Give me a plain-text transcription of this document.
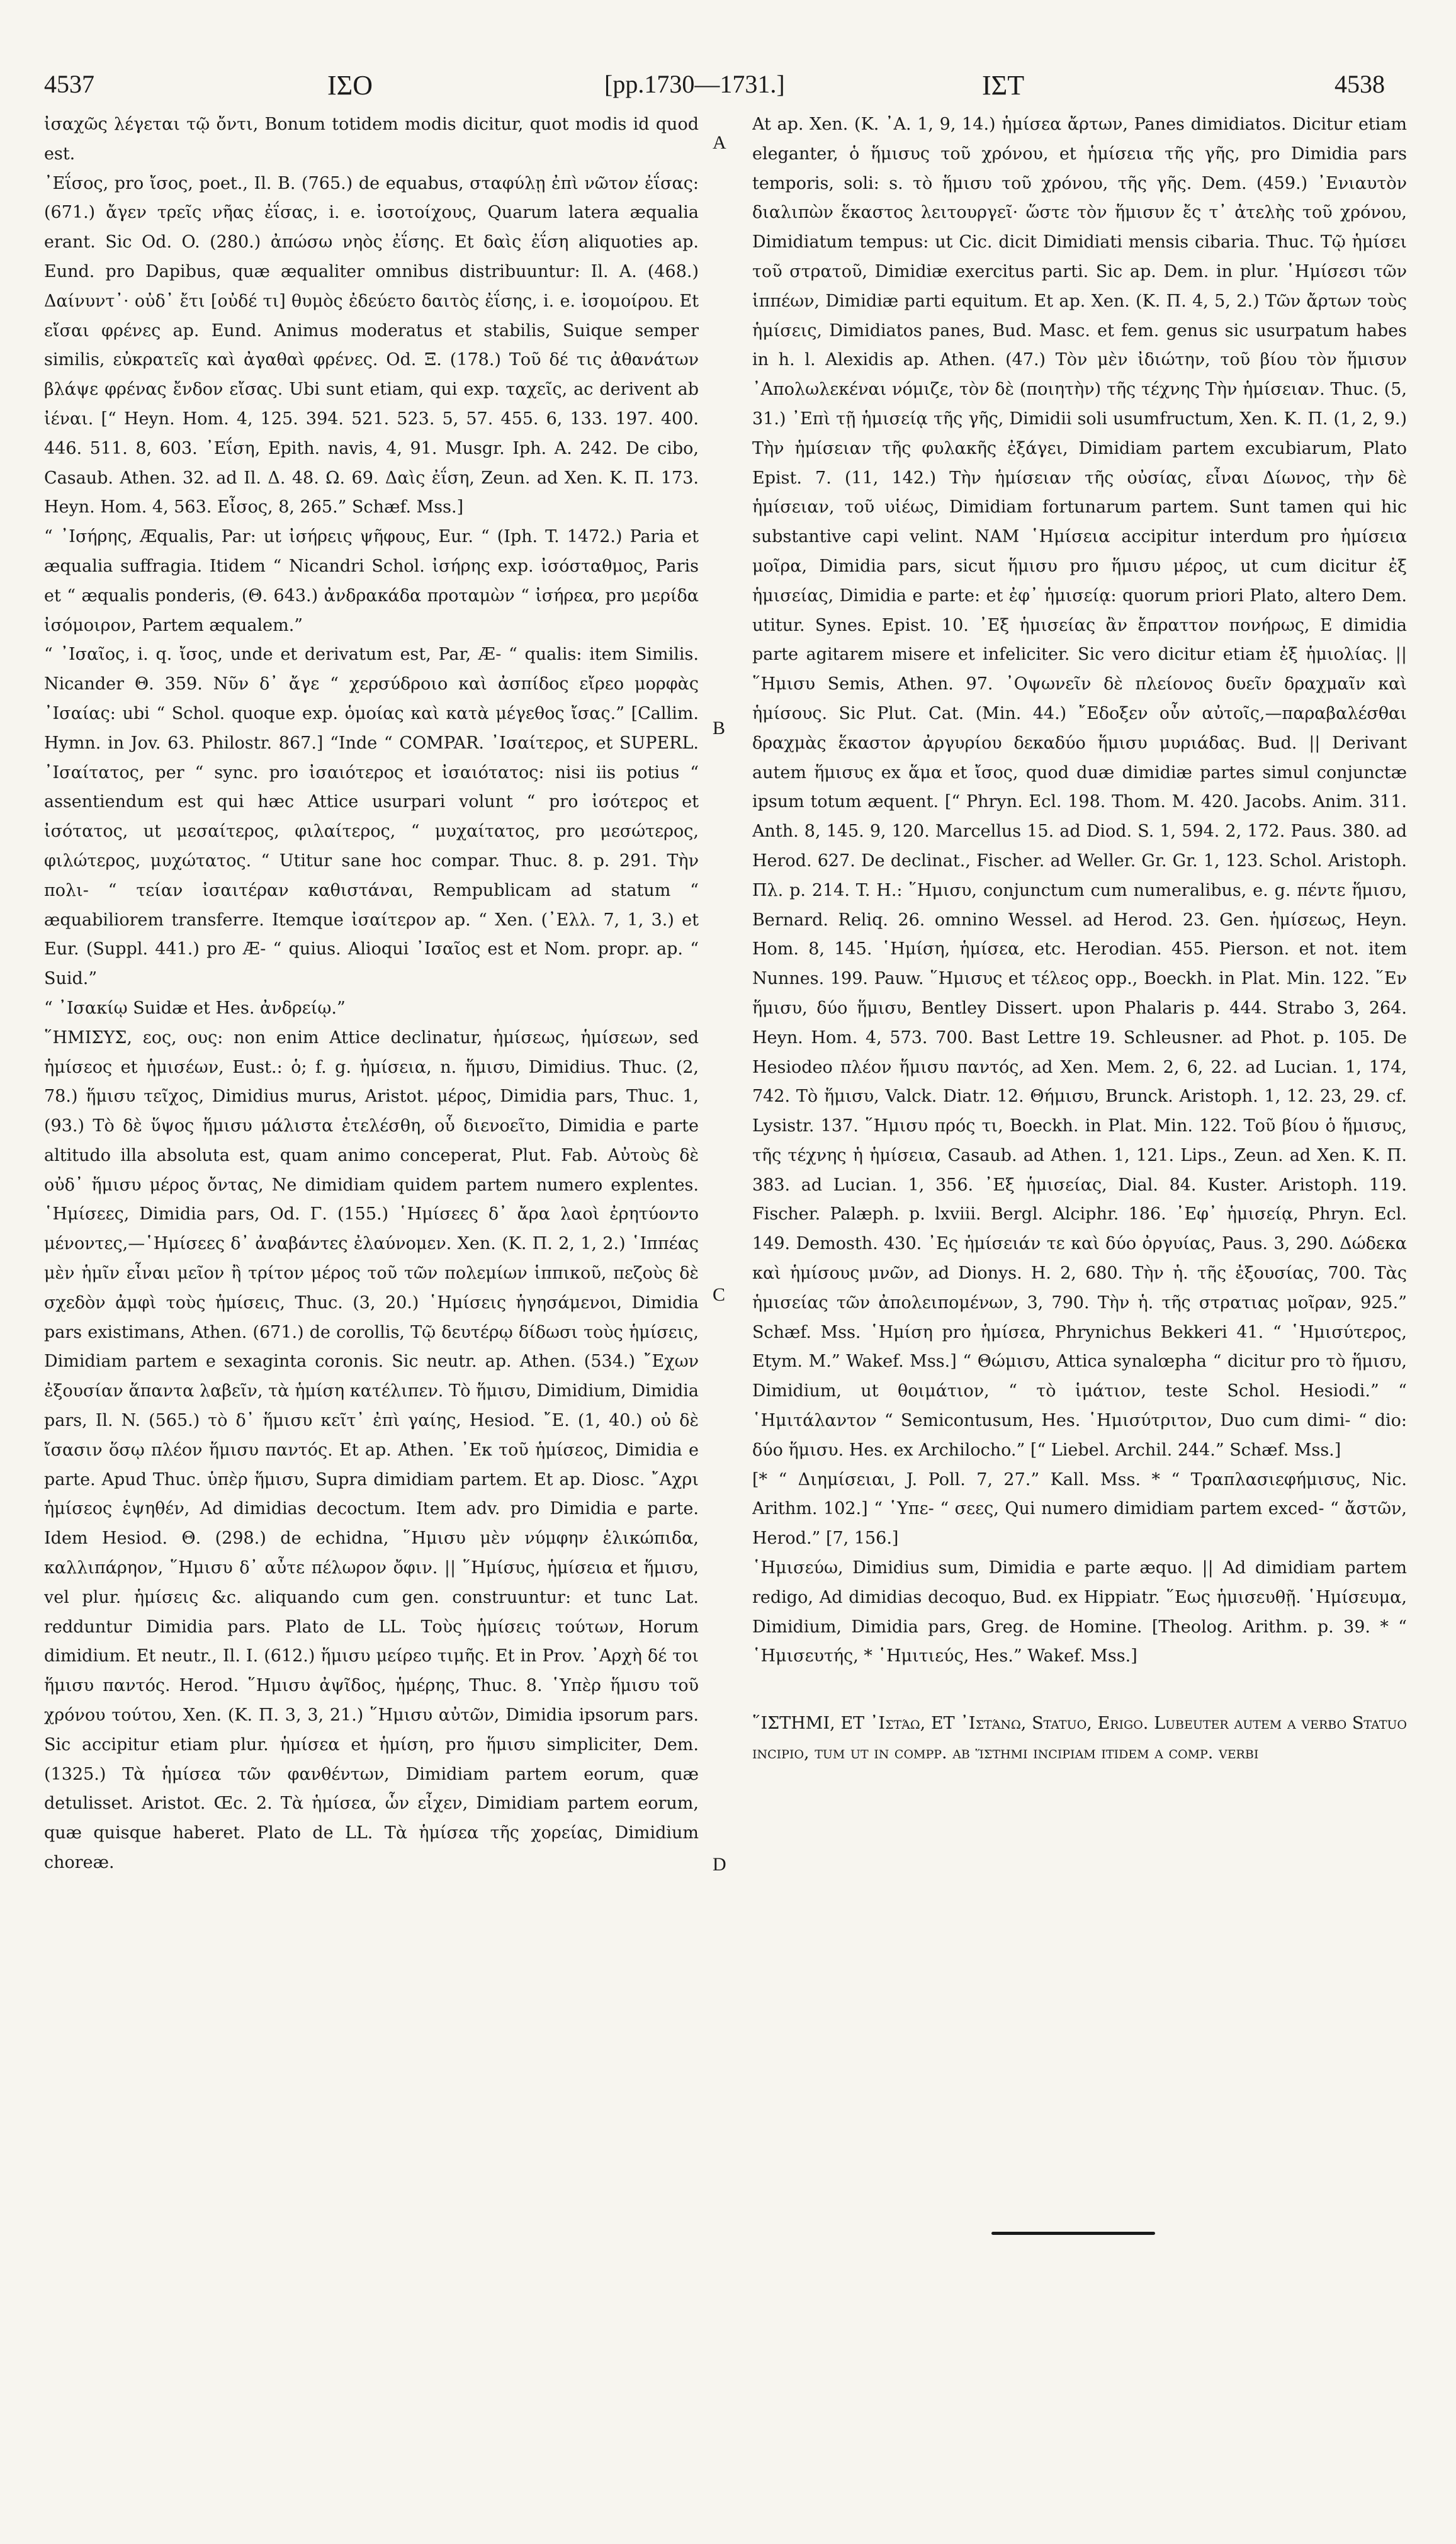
4537	ΙΣΟ	[pp.1730—1731.]	ΙΣΤ	4538

ἰσαχῶς λέγεται τῷ ὄντι, Bonum totidem modis dicitur, quot modis id quod est.

᾿Εΐσος, pro ἴσος, poet., Il. B. (765.) de equabus, σταφύλῃ ἐπὶ νῶτον ἐΐσας: (671.) ἄγεν τρεῖς νῆας ἐΐσας, i. e. ἰσοτοίχους, Quarum latera æqualia erant. Sic Od. O. (280.) ἀπώσω νηὸς ἐΐσης. Et δαὶς ἐΐση aliquoties ap. Eund. pro Dapibus, quæ æqualiter omnibus distribuuntur: Il. A. (468.) Δαίνυντ᾽· οὐδ᾽ ἔτι [οὐδέ τι] θυμὸς ἐδεύετο δαιτὸς ἐΐσης, i. e. ἰσομοίρου. Et εἴσαι φρένες ap. Eund. Animus moderatus et stabilis, Suique semper similis, εὐκρατεῖς καὶ ἀγαθαὶ φρένες. Od. Ξ. (178.) Τοῦ δέ τις ἀθανάτων βλάψε φρένας ἔνδον εἴσας. Ubi sunt etiam, qui exp. ταχεῖς, ac derivent ab ἰέναι. [“ Heyn. Hom. 4, 125. 394. 521. 523. 5, 57. 455. 6, 133. 197. 400. 446. 511. 8, 603. ᾿Εΐση, Epith. navis, 4, 91. Musgr. Iph. A. 242. De cibo, Casaub. Athen. 32. ad Il. Δ. 48. Ω. 69. Δαὶς ἐΐση, Zeun. ad Xen. K. Π. 173. Heyn. Hom. 4, 563. Εἶσος, 8, 265.” Schæf. Mss.]

“ ᾿Ισήρης, Æqualis, Par: ut ἰσήρεις ψῆφους, Eur. “ (Iph. T. 1472.) Paria et æqualia suffragia. Itidem “ Nicandri Schol. ἰσήρης exp. ἰσόσταθμος, Paris et “ æqualis ponderis, (Θ. 643.) ἀνδρακάδα προταμὼν “ ἰσήρεα, pro μερίδα ἰσόμοιρον, Partem æqualem.”

“ ᾿Ισαῖος, i. q. ἴσος, unde et derivatum est, Par, Æ- “ qualis: item Similis. Nicander Θ. 359. Νῦν δ᾽ ἄγε “ χερσύδροιο καὶ ἀσπίδος εἴρεο μορφὰς ᾿Ισαίας: ubi “ Schol. quoque exp. ὁμοίας καὶ κατὰ μέγεθος ἴσας.” [Callim. Hymn. in Jov. 63. Philostr. 867.] “Inde “ COMPAR. ᾿Ισαίτερος, et SUPERL. ᾿Ισαίτατος, per “ sync. pro ἰσαιότερος et ἰσαιότατος: nisi iis potius “ assentiendum est qui hæc Attice usurpari volunt “ pro ἰσότερος et ἰσότατος, ut μεσαίτερος, φιλαίτερος, “ μυχαίτατος, pro μεσώτερος, φιλώτερος, μυχώτατος. “ Utitur sane hoc compar. Thuc. 8. p. 291. Τὴν πολι- “ τείαν ἰσαιτέραν καθιστάναι, Rempublicam ad statum “ æquabiliorem transferre. Itemque ἰσαίτερον ap. “ Xen. (᾿Ελλ. 7, 1, 3.) et Eur. (Suppl. 441.) pro Æ- “ quius. Alioqui ᾿Ισαῖος est et Nom. propr. ap. “ Suid.”

“ ᾿Ισακίῳ Suidæ et Hes. ἀνδρείῳ.”

῞ΗΜΙΣΥΣ, εος, ους: non enim Attice declinatur, ἡμίσεως, ἡμίσεων, sed ἡμίσεος et ἡμισέων, Eust.: ὁ; f. g. ἡμίσεια, n. ἥμισυ, Dimidius. Thuc. (2, 78.) ἥμισυ τεῖχος, Dimidius murus, Aristot. μέρος, Dimidia pars, Thuc. 1, (93.) Τὸ δὲ ὕψος ἥμισυ μάλιστα ἐτελέσθη, οὗ διενοεῖτο, Dimidia e parte altitudo illa absoluta est, quam animo conceperat, Plut. Fab. Αὐτοὺς δὲ οὐδ᾽ ἥμισυ μέρος ὄντας, Ne dimidiam quidem partem numero explentes. ῾Ημίσεες, Dimidia pars, Od. Γ. (155.) ῾Ημίσεες δ᾽ ἄρα λαοὶ ἐρητύοντο μένοντες,—῾Ημίσεες δ᾽ ἀναβάντες ἐλαύνομεν. Xen. (K. Π. 2, 1, 2.) ῾Ιππέας μὲν ἡμῖν εἶναι μεῖον ἢ τρίτον μέρος τοῦ τῶν πολεμίων ἱππικοῦ, πεζοὺς δὲ σχεδὸν ἀμφὶ τοὺς ἡμίσεις, Thuc. (3, 20.) ῾Ημίσεις ἡγησάμενοι, Dimidia pars existimans, Athen. (671.) de corollis, Τῷ δευτέρῳ δίδωσι τοὺς ἡμίσεις, Dimidiam partem e sexaginta coronis. Sic neutr. ap. Athen. (534.) ῎Εχων ἐξουσίαν ἅπαντα λαβεῖν, τὰ ἡμίση κατέλιπεν. Τὸ ἥμισυ, Dimidium, Dimidia pars, Il. N. (565.) τὸ δ᾽ ἥμισυ κεῖτ᾽ ἐπὶ γαίης, Hesiod. ῎E. (1, 40.) οὐ δὲ ἴσασιν ὅσῳ πλέον ἥμισυ παντός. Et ap. Athen. ᾿Εκ τοῦ ἡμίσεος, Dimidia e parte. Apud Thuc. ὑπὲρ ἥμισυ, Supra dimidiam partem. Et ap. Diosc. ῎Αχρι ἡμίσεος ἑψηθέν, Ad dimidias decoctum. Item adv. pro Dimidia e parte. Idem Hesiod. Θ. (298.) de echidna, ῞Ημισυ μὲν νύμφην ἑλικώπιδα, καλλιπάρηον, ῞Ημισυ δ᾽ αὖτε πέλωρον ὄφιν. || ῞Ημίσυς, ἡμίσεια et ἥμισυ, vel plur. ἡμίσεις &c. aliquando cum gen. construuntur: et tunc Lat. redduntur Dimidia pars. Plato de LL. Τοὺς ἡμίσεις τούτων, Horum dimidium. Et neutr., Il. I. (612.) ἥμισυ μείρεο τιμῆς. Et in Prov. ᾿Αρχὴ δέ τοι ἥμισυ παντός. Herod. ῞Ημισυ ἀψῖδος, ἡμέρης, Thuc. 8. ῾Υπὲρ ἥμισυ τοῦ χρόνου τούτου, Xen. (K. Π. 3, 3, 21.) ῞Ημισυ αὐτῶν, Dimidia ipsorum pars. Sic accipitur etiam plur. ἡμίσεα et ἡμίση, pro ἥμισυ simpliciter, Dem. (1325.) Τὰ ἡμίσεα τῶν φανθέντων, Dimidiam partem eorum, quæ detulisset. Aristot. Œc. 2. Τὰ ἡμίσεα, ὧν εἶχεν, Dimidiam partem eorum, quæ quisque haberet. Plato de LL. Τὰ ἡμίσεα τῆς χορείας, Dimidium choreæ.

A
B
C
D

At ap. Xen. (K. ᾿A. 1, 9, 14.) ἡμίσεα ἄρτων, Panes dimidiatos. Dicitur etiam eleganter, ὁ ἥμισυς τοῦ χρόνου, et ἡμίσεια τῆς γῆς, pro Dimidia pars temporis, soli: s. τὸ ἥμισυ τοῦ χρόνου, τῆς γῆς. Dem. (459.) ᾿Ενιαυτὸν διαλιπὼν ἕκαστος λειτουργεῖ· ὥστε τὸν ἥμισυν ἔς τ᾽ ἀτελὴς τοῦ χρόνου, Dimidiatum tempus: ut Cic. dicit Dimidiati mensis cibaria. Thuc. Τῷ ἡμίσει τοῦ στρατοῦ, Dimidiæ exercitus parti. Sic ap. Dem. in plur. ῾Ημίσεσι τῶν ἱππέων, Dimidiæ parti equitum. Et ap. Xen. (K. Π. 4, 5, 2.) Τῶν ἄρτων τοὺς ἡμίσεις, Dimidiatos panes, Bud. Masc. et fem. genus sic usurpatum habes in h. l. Alexidis ap. Athen. (47.) Τὸν μὲν ἰδιώτην, τοῦ βίου τὸν ἥμισυν ᾿Απολωλεκέναι νόμιζε, τὸν δὲ (ποιητὴν) τῆς τέχνης Τὴν ἡμίσειαν. Thuc. (5, 31.) ᾿Επὶ τῇ ἡμισείᾳ τῆς γῆς, Dimidii soli usumfructum, Xen. K. Π. (1, 2, 9.) Τὴν ἡμίσειαν τῆς φυλακῆς ἐξάγει, Dimidiam partem excubiarum, Plato Epist. 7. (11, 142.) Τὴν ἡμίσειαν τῆς οὐσίας, εἶναι Δίωνος, τὴν δὲ ἡμίσειαν, τοῦ υἱέως, Dimidiam fortunarum partem. Sunt tamen qui hic substantive capi velint. NAM ῾Ημίσεια accipitur interdum pro ἡμίσεια μοῖρα, Dimidia pars, sicut ἥμισυ pro ἥμισυ μέρος, ut cum dicitur ἐξ ἡμισείας, Dimidia e parte: et ἐφ᾽ ἡμισείᾳ: quorum priori Plato, altero Dem. utitur. Synes. Epist. 10. ᾿Εξ ἡμισείας ἂν ἔπραττον πονήρως, E dimidia parte agitarem misere et infeliciter. Sic vero dicitur etiam ἐξ ἡμιολίας. || ῞Ημισυ Semis, Athen. 97. ᾿Οψωνεῖν δὲ πλείονος δυεῖν δραχμαῖν καὶ ἡμίσους. Sic Plut. Cat. (Min. 44.) ῎Εδοξεν οὖν αὐτοῖς,—παραβαλέσθαι δραχμὰς ἕκαστον ἀργυρίου δεκαδύο ἥμισυ μυριάδας. Bud. || Derivant autem ἥμισυς ex ἅμα et ἴσος, quod duæ dimidiæ partes simul conjunctæ ipsum totum æquent. [“ Phryn. Ecl. 198. Thom. M. 420. Jacobs. Anim. 311. Anth. 8, 145. 9, 120. Marcellus 15. ad Diod. S. 1, 594. 2, 172. Paus. 380. ad Herod. 627. De declinat., Fischer. ad Weller. Gr. Gr. 1, 123. Schol. Aristoph. Πλ. p. 214. T. H.: ῞Ημισυ, conjunctum cum numeralibus, e. g. πέντε ἥμισυ, Bernard. Reliq. 26. omnino Wessel. ad Herod. 23. Gen. ἡμίσεως, Heyn. Hom. 8, 145. ῾Ημίση, ἡμίσεα, etc. Herodian. 455. Pierson. et not. item Nunnes. 199. Pauw. ῞Ημισυς et τέλεος opp., Boeckh. in Plat. Min. 122. ῞Εν ἥμισυ, δύο ἥμισυ, Bentley Dissert. upon Phalaris p. 444. Strabo 3, 264. Heyn. Hom. 4, 573. 700. Bast Lettre 19. Schleusner. ad Phot. p. 105. De Hesiodeo πλέον ἥμισυ παντός, ad Xen. Mem. 2, 6, 22. ad Lucian. 1, 174, 742. Τὸ ἥμισυ, Valck. Diatr. 12. Θήμισυ, Brunck. Aristoph. 1, 12. 23, 29. cf. Lysistr. 137. ῞Ημισυ πρός τι, Boeckh. in Plat. Min. 122. Τοῦ βίου ὁ ἥμισυς, τῆς τέχνης ἡ ἡμίσεια, Casaub. ad Athen. 1, 121. Lips., Zeun. ad Xen. K. Π. 383. ad Lucian. 1, 356. ᾿Εξ ἡμισείας, Dial. 84. Kuster. Aristoph. 119. Fischer. Palæph. p. lxviii. Bergl. Alciphr. 186. ᾿Εφ᾽ ἡμισείᾳ, Phryn. Ecl. 149. Demosth. 430. ᾿Ες ἡμίσειάν τε καὶ δύο ὀργυίας, Paus. 3, 290. Δώδεκα καὶ ἡμίσους μνῶν, ad Dionys. H. 2, 680. Τὴν ἡ. τῆς ἐξουσίας, 700. Τὰς ἡμισείας τῶν ἀπολειπομένων, 3, 790. Τὴν ἡ. τῆς στρατιας μοῖραν, 925.” Schæf. Mss. ῾Ημίση pro ἡμίσεα, Phrynichus Bekkeri 41. “ ῾Ημισύτερος, Etym. M.” Wakef. Mss.] “ Θώμισυ, Attica synalœpha “ dicitur pro τὸ ἥμισυ, Dimidium, ut θοιμάτιον, “ τὸ ἱμάτιον, teste Schol. Hesiodi.” “ ῾Ημιτάλαντον “ Semicontusum, Hes. ῾Ημισύτριτον, Duo cum dimi- “ dio: δύο ἥμισυ. Hes. ex Archilocho.” [“ Liebel. Archil. 244.” Schæf. Mss.]

[* “ Διημίσειαι, J. Poll. 7, 27.” Kall. Mss. * “ Τραπλασιεφήμισυς, Nic. Arithm. 102.] “ ῾Υπε- “ σεες, Qui numero dimidiam partem exced- “ ἄστῶν, Herod.” [7, 156.]

῾Ημισεύω, Dimidius sum, Dimidia e parte æquo. || Ad dimidiam partem redigo, Ad dimidias decoquo, Bud. ex Hippiatr. ῞Εως ἡμισευθῇ. ῾Ημίσευμα, Dimidium, Dimidia pars, Greg. de Homine. [Theolog. Arithm. p. 39. * “ ῾Ημισευτής, * ῾Ημιτιεύς, Hes.” Wakef. Mss.]

῞ΙΣΤΗΜΙ, ET ᾿Ιστάω, ET ᾿Ιστάνω, Statuo, Erigo. Lubeuter autem a verbo Statuo incipio, tum ut in compp. ab ἵστημι incipiam itidem a comp. verbi
